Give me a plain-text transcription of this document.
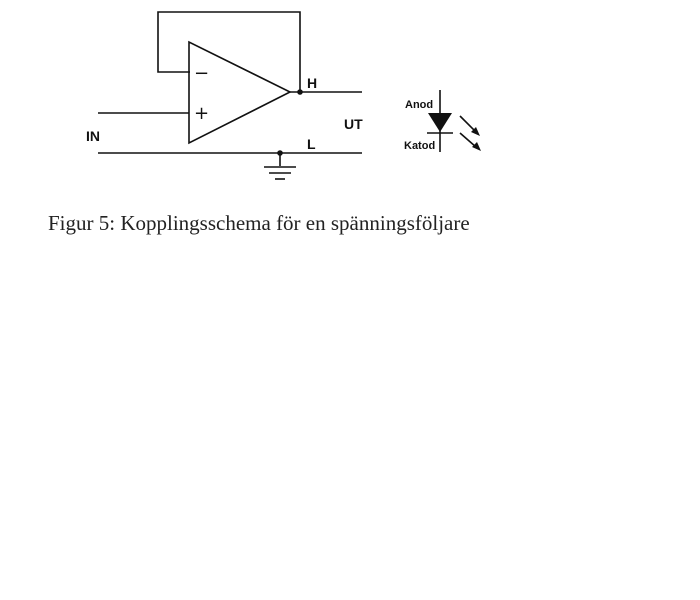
−
+
IN
H
UT
L
Anod
Katod

Figur 5: Kopplingsschema för en spänningsföljare
